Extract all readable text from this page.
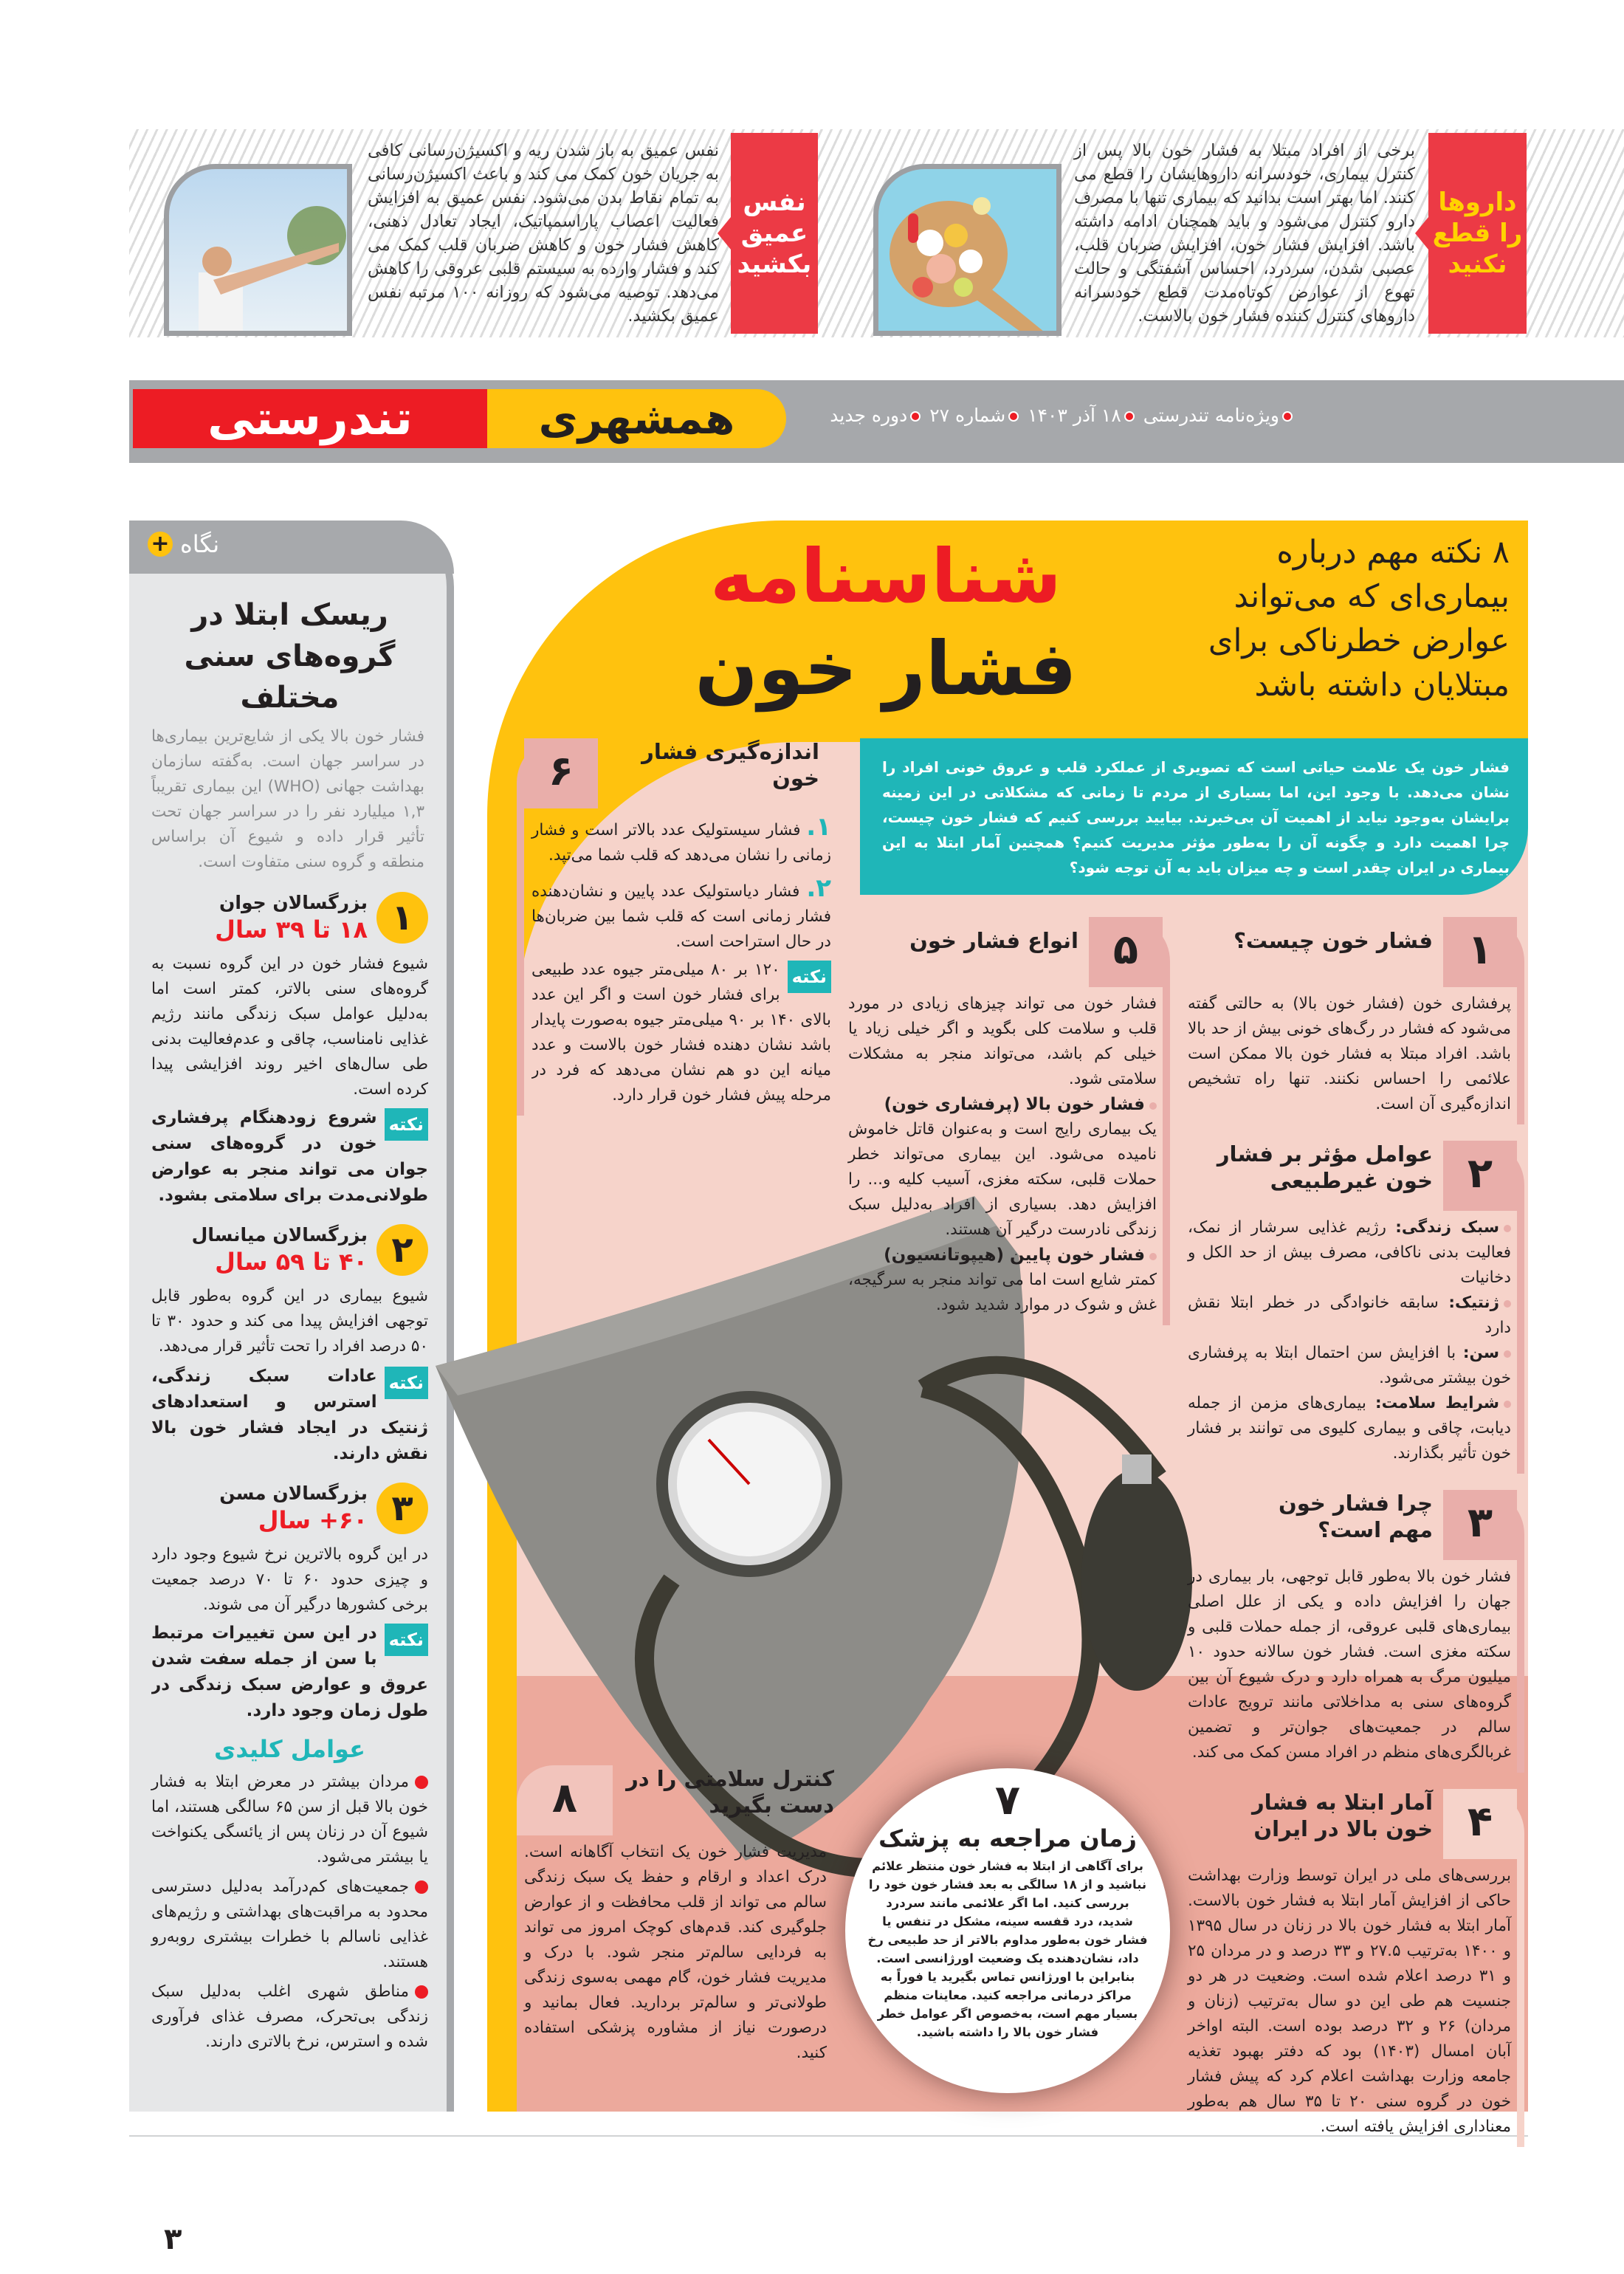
۳
داروها را قطع نکنید
برخی از افراد مبتلا به فشار خون بالا پس از کنترل بیماری، خودسرانه داروهایشان را قطع می کنند. اما بهتر است بدانید که بیماری تنها با مصرف دارو کنترل می‌شود و باید همچنان ادامه داشته باشد. افزایش فشار خون، افزایش ضربان قلب، عصبی شدن، سردرد، احساس آشفتگی و حالت تهوع از عوارض کوتاه‌مدت قطع خودسرانه داروهای کنترل کننده فشار خون بالاست.
نفس عمیق بکشید
نفس عمیق به باز شدن ریه و اکسیژن‌رسانی کافی به جریان خون کمک می کند و باعث اکسیژن‌رسانی به تمام نقاط بدن می‌شود. نفس عمیق به افزایش فعالیت اعصاب پاراسمپاتیک، ایجاد تعادل ذهنی، کاهش فشار خون و کاهش ضربان قلب کمک می کند و فشار وارده به سیستم قلبی عروقی را کاهش می‌دهد. توصیه می‌شود که روزانه ۱۰۰ مرتبه نفس عمیق بکشید.
تندرستی	همشهری	ویژه‌نامه تندرستی ۱۸ آذر ۱۴۰۳ شماره ۲۷ دوره جدید
+ نگاه
ریسک ابتلا در گروه‌های سنی مختلف
فشار خون بالا یکی از شایع‌ترین بیماری‌ها در سراسر جهان است. به‌گفته سازمان بهداشت جهانی (WHO) این بیماری تقریباً ۱,۳ میلیارد نفر را در سراسر جهان تحت تأثیر قرار داده و شیوع آن براساس منطقه و گروه سنی متفاوت است.
۱
بزرگسالان جوان
۱۸ تا ۳۹ سال
شیوع فشار خون در این گروه نسبت به گروه‌های سنی بالاتر، کمتر است اما به‌دلیل عوامل سبک زندگی مانند رژیم غذایی نامناسب، چاقی و عدم‌فعالیت بدنی طی سال‌های اخیر روند افزایشی پیدا کرده است.
نکته
شروع زودهنگام پرفشاری خون در گروه‌های سنی جوان می تواند منجر به عوارض طولانی‌مدت برای سلامتی بشود.
۲
بزرگسالان میانسال
۴۰ تا ۵۹ سال
شیوع بیماری در این گروه به‌طور قابل توجهی افزایش پیدا می کند و حدود ۳۰ تا ۵۰ درصد افراد را تحت تأثیر قرار می‌دهد.
نکته
عادات سبک زندگی، استرس و استعدادهای ژنتیک در ایجاد فشار خون بالا نقش دارند.
۳
بزرگسالان مسن
۶۰+ سال
در این گروه بالاترین نرخ شیوع وجود دارد و چیزی حدود ۶۰ تا ۷۰ درصد جمعیت برخی کشورها درگیر آن می شوند.
نکته
در این سن تغییرات مرتبط با سن از جمله سفت شدن عروق و عوارض سبک زندگی در طول زمان وجود دارد.
عوامل کلیدی
مردان بیشتر در معرض ابتلا به فشار خون بالا قبل از سن ۶۵ سالگی هستند، اما شیوع آن در زنان پس از یائسگی یکنواخت یا بیشتر می‌شود.
جمعیت‌های کم‌درآمد به‌دلیل دسترسی محدود به مراقبت‌های بهداشتی و رژیم‌های غذایی ناسالم با خطرات بیشتری روبه‌رو هستند.
مناطق شهری اغلب به‌دلیل سبک زندگی بی‌تحرک، مصرف غذای فرآوری شده و استرس، نرخ بالاتری دارند.
۸ نکته مهم درباره بیماری‌ای که می‌تواند عوارض خطرناکی برای مبتلایان داشته باشد
شناسنامه
فشار خون
فشار خون یک علامت حیاتی است که تصویری از عملکرد قلب و عروق خونی افراد را نشان می‌دهد. با وجود این، اما بسیاری از مردم تا زمانی که مشکلاتی در این زمینه برایشان به‌وجود نیاید از اهمیت آن بی‌خبرند. بیایید بررسی کنیم که فشار خون چیست، چرا اهمیت دارد و چگونه آن را به‌طور مؤثر مدیریت کنیم؟ همچنین آمار ابتلا به این بیماری در ایران چقدر است و چه میزان باید به آن توجه شود؟
۱
فشار خون چیست؟
پرفشاری خون (فشار خون بالا) به حالتی گفته می‌شود که فشار در رگ‌های خونی بیش از حد بالا باشد. افراد مبتلا به فشار خون بالا ممکن است علائمی را احساس نکنند. تنها راه تشخیص اندازه‌گیری آن است.
۲
عوامل مؤثر بر فشار خون غیرطبیعی
سبک زندگی: رژیم غذایی سرشار از نمک، فعالیت بدنی ناکافی، مصرف بیش از حد الکل و دخانیات
ژنتیک: سابقه خانوادگی در خطر ابتلا نقش دارد
سن: با افزایش سن احتمال ابتلا به پرفشاری خون بیشتر می‌شود.
شرایط سلامت: بیماری‌های مزمن از جمله دیابت، چاقی و بیماری کلیوی می توانند بر فشار خون تأثیر بگذارند.
۳
چرا فشار خون مهم است؟
فشار خون بالا به‌طور قابل توجهی، بار بیماری در جهان را افزایش داده و یکی از علل اصلی بیماری‌های قلبی عروقی، از جمله حملات قلبی و سکته مغزی است. فشار خون سالانه حدود ۱۰ میلیون مرگ به همراه دارد و درک شیوع آن بین گروه‌های سنی به مداخلاتی مانند ترویج عادات سالم در جمعیت‌های جوان‌تر و تضمین غربالگری‌های منظم در افراد مسن کمک می کند.
۴
آمار ابتلا به فشار خون بالا در ایران
بررسی‌های ملی در ایران توسط وزارت بهداشت حاکی از افزایش آمار ابتلا به فشار خون بالاست. آمار ابتلا به فشار خون بالا در زنان در سال ۱۳۹۵ و ۱۴۰۰ به‌ترتیب ۲۷.۵ و ۳۳ درصد و در مردان ۲۵ و ۳۱ درصد اعلام شده است. وضعیت در هر دو جنسیت هم طی این دو سال به‌ترتیب (زنان و مردان) ۲۶ و ۳۲ درصد بوده است. البته اواخر آبان امسال (۱۴۰۳) بود که دفتر بهبود تغذیه جامعه وزارت بهداشت اعلام کرد که پیش فشار خون در گروه سنی ۲۰ تا ۳۵ سال هم به‌طور معناداری افزایش یافته است.
۵
انواع فشار خون
فشار خون می تواند چیزهای زیادی در مورد قلب و سلامت کلی بگوید و اگر خیلی زیاد یا خیلی کم باشد، می‌تواند منجر به مشکلات سلامتی شود.
فشار خون بالا (پرفشاری خون)
یک بیماری رایج است و به‌عنوان قاتل خاموش نامیده می‌شود. این بیماری می‌تواند خطر حملات قلبی، سکته مغزی، آسیب کلیه و... را افزایش دهد. بسیاری از افراد به‌دلیل سبک زندگی نادرست درگیر آن هستند.
فشار خون پایین (هیپوتانسیون)
کمتر شایع است اما می تواند منجر به سرگیجه، غش و شوک در موارد شدید شود.
۷
زمان مراجعه به پزشک
برای آگاهی از ابتلا به فشار خون منتظر علائم نباشید و از ۱۸ سالگی به بعد فشار خون خود را بررسی کنید. اما اگر علائمی مانند سردرد شدید، درد قفسه سینه، مشکل در تنفس یا فشار خون به‌طور مداوم بالاتر از حد طبیعی رخ داد، نشان‌دهنده یک وضعیت اورژانسی است. بنابراین با اورژانس تماس بگیرید یا فوراً به مراکز درمانی مراجعه کنید. معاینات منظم بسیار مهم است، به‌خصوص اگر عوامل خطر فشار خون بالا را داشته باشید.
اندازه‌گیری فشار خون
۶
۱. فشار سیستولیک عدد بالاتر است و فشار زمانی را نشان می‌دهد که قلب شما می‌تپد.
۲. فشار دیاستولیک عدد پایین و نشان‌دهنده فشار زمانی است که قلب شما بین ضربان‌ها در حال استراحت است.
نکته
۱۲۰ بر ۸۰ میلی‌متر جیوه عدد طبیعی برای فشار خون است و اگر این عدد بالای ۱۴۰ بر ۹۰ میلی‌متر جیوه به‌صورت پایدار باشد نشان دهنده فشار خون بالاست و عدد میانه این دو هم نشان می‌دهد که فرد در مرحله پیش فشار خون قرار دارد.
کنترل سلامتی را در دست بگیرید
۸
مدیریت فشار خون یک انتخاب آگاهانه است. درک اعداد و ارقام و حفظ یک سبک زندگی سالم می تواند از قلب محافظت و از عوارض جلوگیری کند. قدم‌های کوچک امروز می تواند به فردایی سالم‌تر منجر شود. با درک و مدیریت فشار خون، گام مهمی به‌سوی زندگی طولانی‌تر و سالم‌تر بردارید. فعال بمانید و درصورت نیاز از مشاوره پزشکی استفاده کنید.
